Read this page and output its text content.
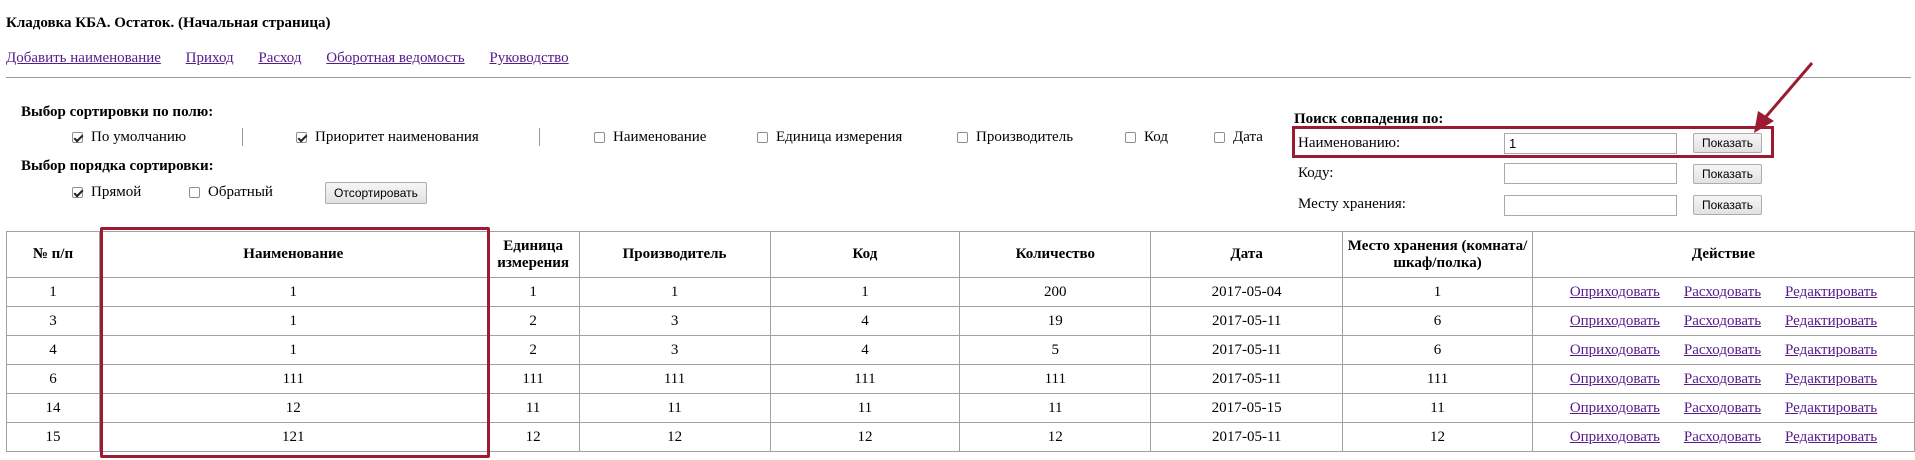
Кладовка КБА. Остаток. (Начальная страница)
Добавить наименование Приход Расход Оборотная ведомость Руководство
Выбор сортировки по полю:
По умолчанию	Приоритет наименования	Наименование	Единица измерения	Производитель	Код	Дата
Выбор порядка сортировки:
Прямой	Обратный	Отсортировать
Поиск совпадения по:
Наименованию:
1	Показать
Коду:	Показать
Месту хранения:	Показать
№ п/п	Наименование	Единица измерения	Производитель	Код	Количество	Дата	Место хранения (комната/шкаф/полка)	Действие
1	1	1	1	1	200	2017-05-04	1	Оприходовать Расходовать Редактировать
3	1	2	3	4	19	2017-05-11	6	Оприходовать Расходовать Редактировать
4	1	2	3	4	5	2017-05-11	6	Оприходовать Расходовать Редактировать
6	111	111	111	111	111	2017-05-11	111	Оприходовать Расходовать Редактировать
14	12	11	11	11	11	2017-05-15	11	Оприходовать Расходовать Редактировать
15	121	12	12	12	12	2017-05-11	12	Оприходовать Расходовать Редактировать
